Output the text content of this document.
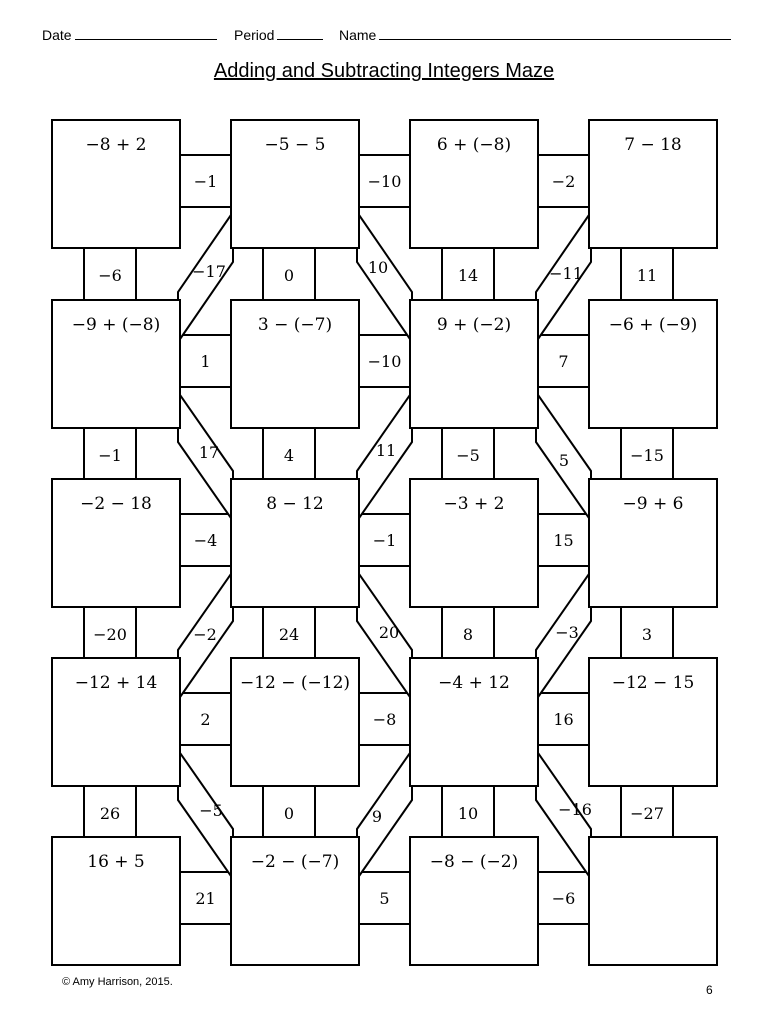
Date	Period	Name
Adding and Subtracting Integers Maze
−1	−10	−2
1	−10	7
−4	−1	15
2	−8	16
21	5	−6
−6	0	14	11
−1	4	−5	−15
−20	24	8	3
26	0	10	−27
−8 + 2	−5 − 5	6 + (−8)	7 − 18
−9 + (−8)	3 − (−7)	9 + (−2)	−6 + (−9)
−2 − 18	8 − 12	−3 + 2	−9 + 6
−12 + 14	−12 − (−12)	−4 + 12	−12 − 15
16 + 5	−2 − (−7)	−8 − (−2)
−17	10	−11
17	11
5
−2	20	−3
−5	9	−16
© Amy Harrison, 2015.
6
